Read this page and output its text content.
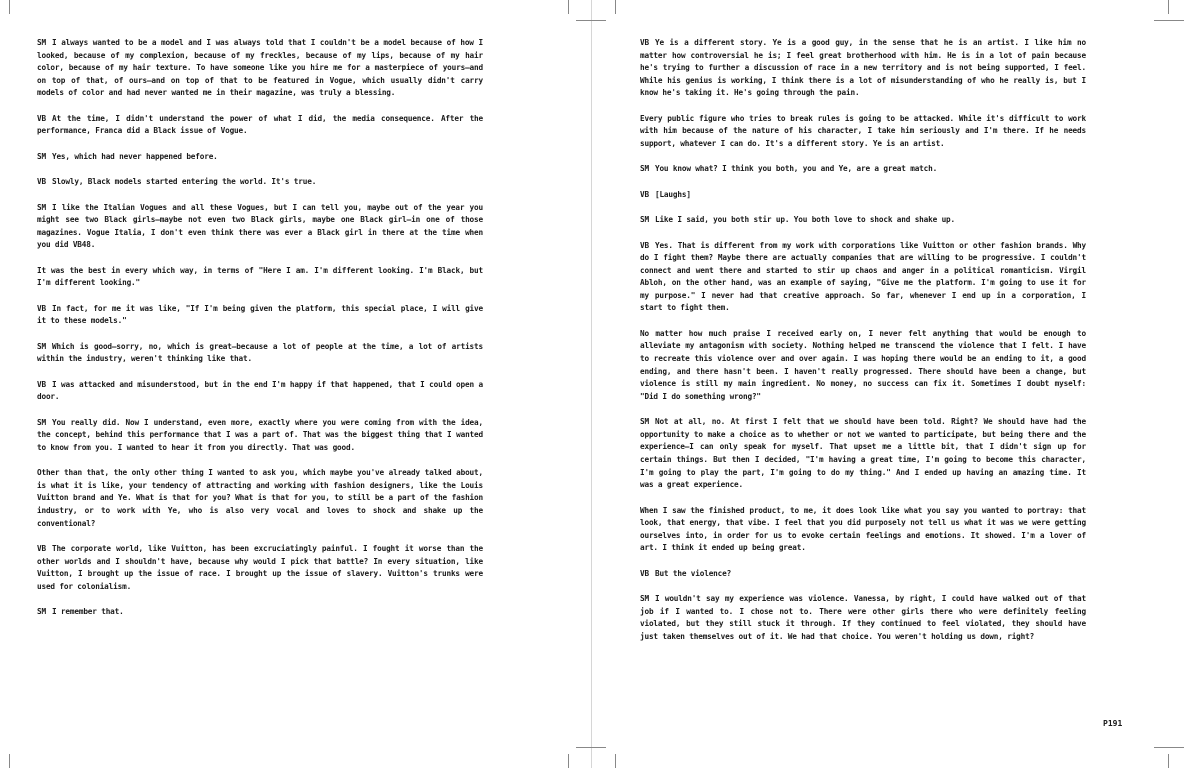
SM I always wanted to be a model and I was always told that I couldn't be a model because of how I looked, because of my complexion, because of my freckles, because of my lips, because of my hair color, because of my hair texture. To have someone like you hire me for a masterpiece of yours—and on top of that, of ours—and on top of that to be featured in Vogue, which usually didn't carry models of color and had never wanted me in their magazine, was truly a blessing.

VB At the time, I didn't understand the power of what I did, the media consequence. After the performance, Franca did a Black issue of Vogue.

SM Yes, which had never happened before.

VB Slowly, Black models started entering the world. It's true.

SM I like the Italian Vogues and all these Vogues, but I can tell you, maybe out of the year you might see two Black girls—maybe not even two Black girls, maybe one Black girl—in one of those magazines. Vogue Italia, I don't even think there was ever a Black girl in there at the time when you did VB48.

It was the best in every which way, in terms of "Here I am. I'm different looking. I'm Black, but I'm different looking."

VB In fact, for me it was like, "If I'm being given the platform, this special place, I will give it to these models."

SM Which is good—sorry, no, which is great—because a lot of people at the time, a lot of artists within the industry, weren't thinking like that.

VB I was attacked and misunderstood, but in the end I'm happy if that happened, that I could open a door.

SM You really did. Now I understand, even more, exactly where you were coming from with the idea, the concept, behind this performance that I was a part of. That was the biggest thing that I wanted to know from you. I wanted to hear it from you directly. That was good.

Other than that, the only other thing I wanted to ask you, which maybe you've already talked about, is what it is like, your tendency of attracting and working with fashion designers, like the Louis Vuitton brand and Ye. What is that for you? What is that for you, to still be a part of the fashion industry, or to work with Ye, who is also very vocal and loves to shock and shake up the conventional?

VB The corporate world, like Vuitton, has been excruciatingly painful. I fought it worse than the other worlds and I shouldn't have, because why would I pick that battle? In every situation, like Vuitton, I brought up the issue of race. I brought up the issue of slavery. Vuitton's trunks were used for colonialism.

SM I remember that.

VB Ye is a different story. Ye is a good guy, in the sense that he is an artist. I like him no matter how controversial he is; I feel great brotherhood with him. He is in a lot of pain because he's trying to further a discussion of race in a new territory and is not being supported, I feel. While his genius is working, I think there is a lot of misunderstanding of who he really is, but I know he's taking it. He's going through the pain.

Every public figure who tries to break rules is going to be attacked. While it's difficult to work with him because of the nature of his character, I take him seriously and I'm there. If he needs support, whatever I can do. It's a different story. Ye is an artist.

SM You know what? I think you both, you and Ye, are a great match.

VB [Laughs]

SM Like I said, you both stir up. You both love to shock and shake up.

VB Yes. That is different from my work with corporations like Vuitton or other fashion brands. Why do I fight them? Maybe there are actually companies that are willing to be progressive. I couldn't connect and went there and started to stir up chaos and anger in a political romanticism. Virgil Abloh, on the other hand, was an example of saying, "Give me the platform. I'm going to use it for my purpose." I never had that creative approach. So far, whenever I end up in a corporation, I start to fight them.

No matter how much praise I received early on, I never felt anything that would be enough to alleviate my antagonism with society. Nothing helped me transcend the violence that I felt. I have to recreate this violence over and over again. I was hoping there would be an ending to it, a good ending, and there hasn't been. I haven't really progressed. There should have been a change, but violence is still my main ingredient. No money, no success can fix it. Sometimes I doubt myself: "Did I do something wrong?"

SM Not at all, no. At first I felt that we should have been told. Right? We should have had the opportunity to make a choice as to whether or not we wanted to participate, but being there and the experience—I can only speak for myself. That upset me a little bit, that I didn't sign up for certain things. But then I decided, "I'm having a great time, I'm going to become this character, I'm going to play the part, I'm going to do my thing." And I ended up having an amazing time. It was a great experience.

When I saw the finished product, to me, it does look like what you say you wanted to portray: that look, that energy, that vibe. I feel that you did purposely not tell us what it was we were getting ourselves into, in order for us to evoke certain feelings and emotions. It showed. I'm a lover of art. I think it ended up being great.

VB But the violence?

SM I wouldn't say my experience was violence. Vanessa, by right, I could have walked out of that job if I wanted to. I chose not to. There were other girls there who were definitely feeling violated, but they still stuck it through. If they continued to feel violated, they should have just taken themselves out of it. We had that choice. You weren't holding us down, right?

P191
